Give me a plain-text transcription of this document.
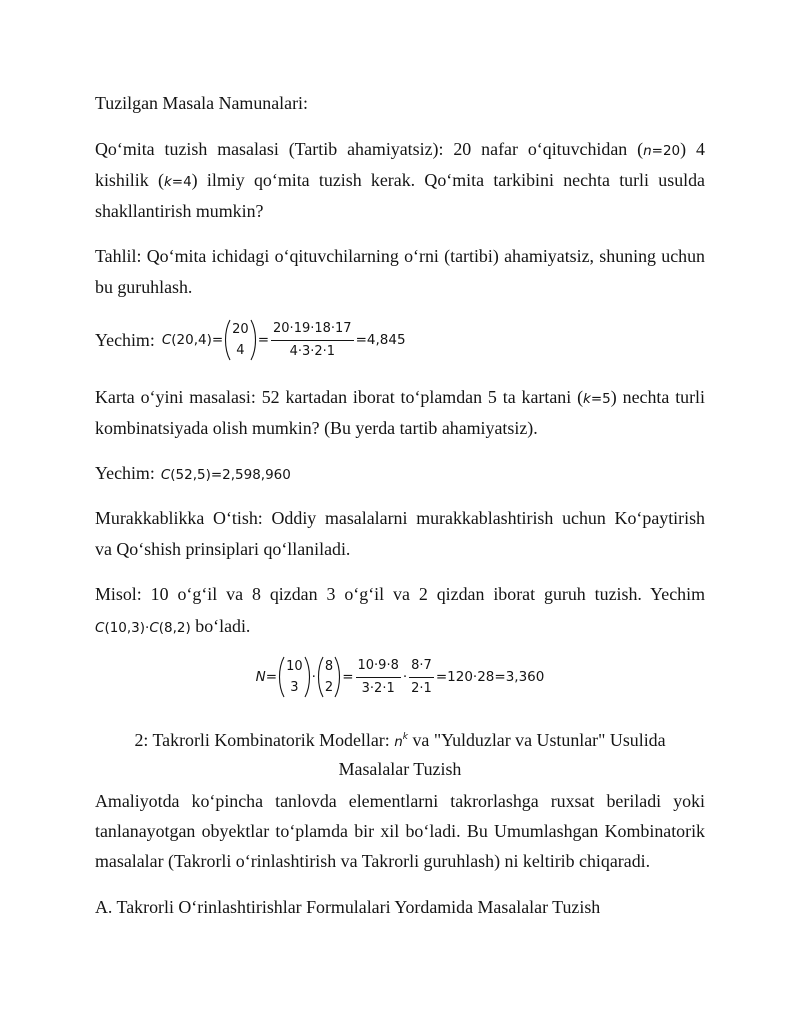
Tuzilgan Masala Namunalari:
Qo‘mita tuzish masalasi (Tartib ahamiyatsiz): 20 nafar o‘qituvchidan (n=20) 4
kishilik (k=4) ilmiy qo‘mita tuzish kerak. Qo‘mita tarkibini nechta turli usulda
shakllantirish mumkin?
Tahlil: Qo‘mita ichidagi o‘qituvchilarning o‘rni (tartibi) ahamiyatsiz, shuning uchun
bu guruhlash.
Yechim: C(20,4)=
20
4
= $\frac{20\cdot 19\cdot 18\cdot 17}{4\cdot 3\cdot 2\cdot 1} =4,845$
Karta o‘yini masalasi: 52 kartadan iborat to‘plamdan 5 ta kartani (k=5) nechta turli
kombinatsiyada olish mumkin? (Bu yerda tartib ahamiyatsiz).
Yechim: C(52,5)=2,598,960
Murakkablikka O‘tish: Oddiy masalalarni murakkablashtirish uchun Ko‘paytirish
va Qo‘shish prinsiplari qo‘llaniladi.
Misol: 10 o‘g‘il va 8 qizdan 3 o‘g‘il va 2 qizdan iborat guruh tuzish. Yechim
C(10,3)·C(8,2) bo‘ladi.
N=
10
3
·
8
2
= $\frac{10\cdot 9\cdot 8}{3\cdot 2\cdot 1} \cdot \frac{8\cdot 7}{2\cdot 1} =120\cdot 28=3,360$
2: Takrorli Kombinatorik Modellar: $n^k$ va "Yulduzlar va Ustunlar" Usulida
Masalalar Tuzish
Amaliyotda ko‘pincha tanlovda elementlarni takrorlashga ruxsat beriladi yoki
tanlanayotgan obyektlar to‘plamda bir xil bo‘ladi. Bu Umumlashgan Kombinatorik
masalalar (Takrorli o‘rinlashtirish va Takrorli guruhlash) ni keltirib chiqaradi.
A. Takrorli O‘rinlashtirishlar Formulalari Yordamida Masalalar Tuzish
